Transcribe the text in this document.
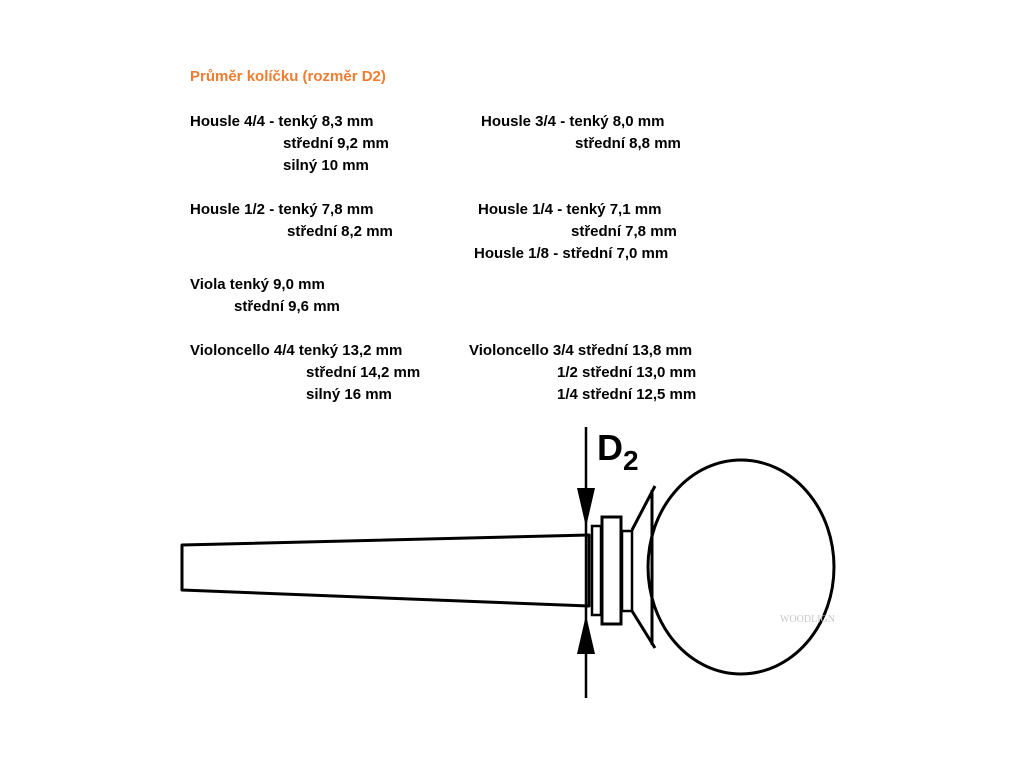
Průměr kolíčku (rozměr D2)
Housle 4/4 - tenký 8,3 mm
střední 9,2 mm
silný 10 mm
Housle 3/4 - tenký 8,0 mm
střední 8,8 mm
Housle 1/2 - tenký 7,8 mm
střední 8,2 mm
Housle 1/4 - tenký 7,1 mm
střední 7,8 mm
Housle 1/8 - střední 7,0 mm
Viola tenký 9,0 mm
střední 9,6 mm
Violoncello 4/4 tenký 13,2 mm
střední 14,2 mm
silný 16 mm
Violoncello 3/4 střední 13,8 mm
1/2 střední 13,0 mm
1/4 střední 12,5 mm
$D_2$
WOODLIGN
